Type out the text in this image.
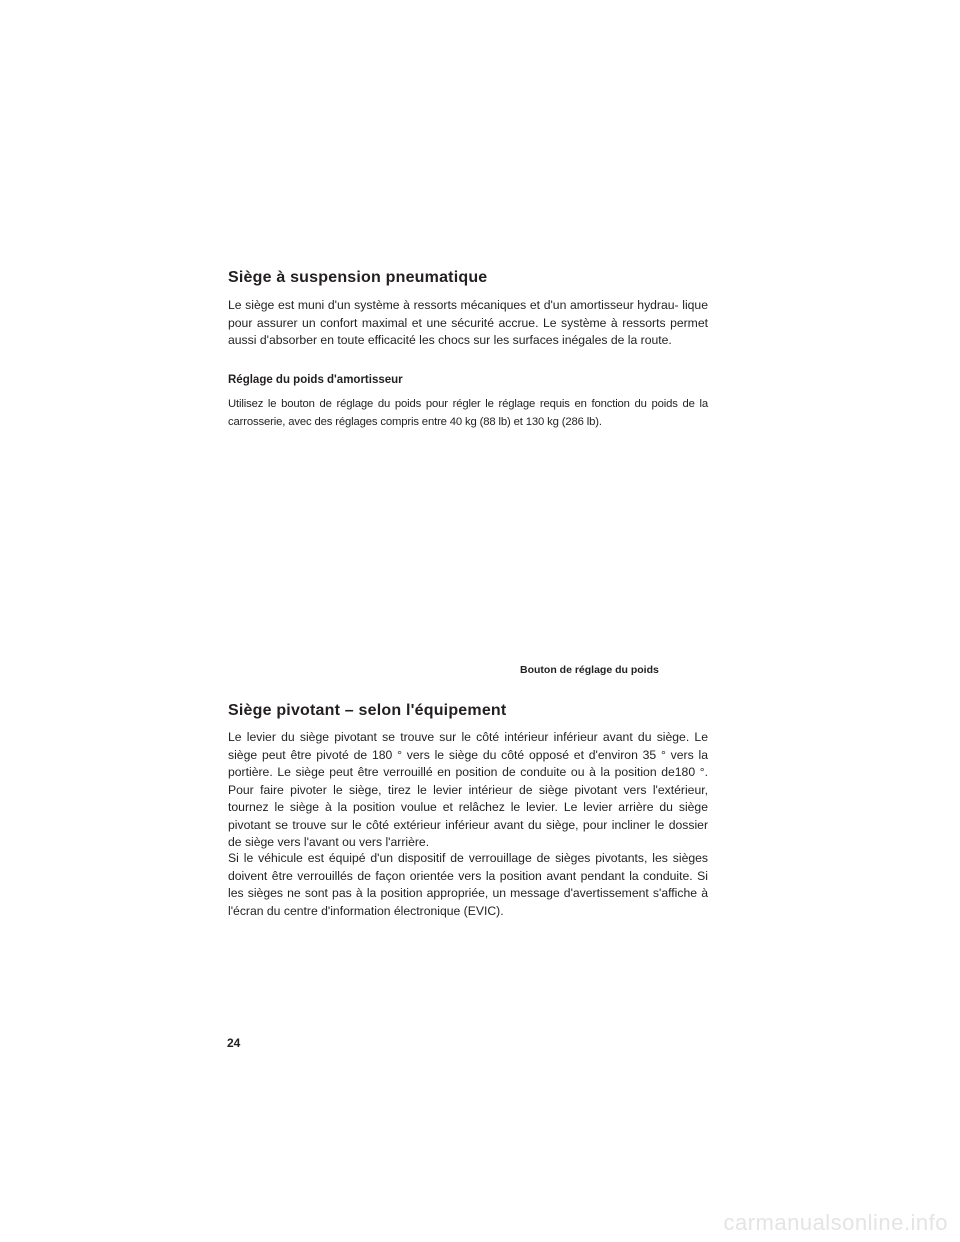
Siège à suspension pneumatique

Le siège est muni d'un système à ressorts mécaniques et d'un amortisseur hydrau- lique pour assurer un confort maximal et une sécurité accrue. Le système à ressorts permet aussi d'absorber en toute efficacité les chocs sur les surfaces inégales de la route.

Réglage du poids d'amortisseur

Utilisez le bouton de réglage du poids pour régler le réglage requis en fonction du poids de la carrosserie, avec des réglages compris entre 40 kg (88 lb) et 130 kg (286 lb).

Bouton de réglage du poids
Siège pivotant – selon l'équipement

Le levier du siège pivotant se trouve sur le côté intérieur inférieur avant du siège. Le siège peut être pivoté de 180 ° vers le siège du côté opposé et d'environ 35 ° vers la portière. Le siège peut être verrouillé en position de conduite ou à la position de180 °. Pour faire pivoter le siège, tirez le levier intérieur de siège pivotant vers l'extérieur, tournez le siège à la position voulue et relâchez le levier. Le levier arrière du siège pivotant se trouve sur le côté extérieur inférieur avant du siège, pour incliner le dossier de siège vers l'avant ou vers l'arrière.

Si le véhicule est équipé d'un dispositif de verrouillage de sièges pivotants, les sièges doivent être verrouillés de façon orientée vers la position avant pendant la conduite. Si les sièges ne sont pas à la position appropriée, un message d'avertissement s'affiche à l'écran du centre d'information électronique (EVIC).

24
carmanualsonline.info
